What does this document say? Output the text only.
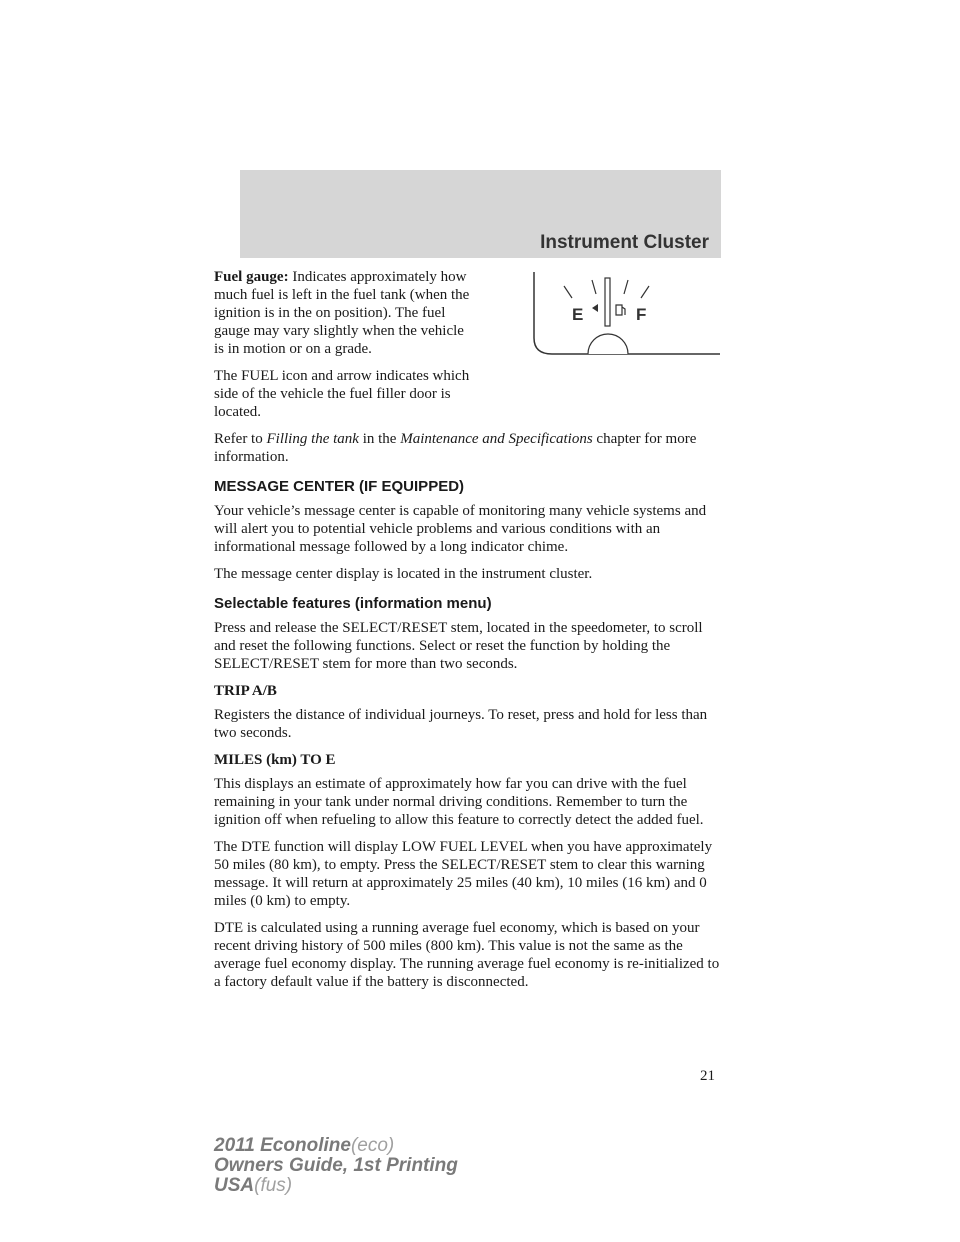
Instrument Cluster
E	F

Fuel gauge: Indicates approximately how much fuel is left in the fuel tank (when the ignition is in the on position). The fuel gauge may vary slightly when the vehicle is in motion or on a grade.

The FUEL icon and arrow indicates which side of the vehicle the fuel filler door is located.

Refer to Filling the tank in the Maintenance and Specifications chapter for more information.

MESSAGE CENTER (IF EQUIPPED)

Your vehicle’s message center is capable of monitoring many vehicle systems and will alert you to potential vehicle problems and various conditions with an informational message followed by a long indicator chime.

The message center display is located in the instrument cluster.

Selectable features (information menu)

Press and release the SELECT/RESET stem, located in the speedometer, to scroll and reset the following functions. Select or reset the function by holding the SELECT/RESET stem for more than two seconds.

TRIP A/B

Registers the distance of individual journeys. To reset, press and hold for less than two seconds.

MILES (km) TO E

This displays an estimate of approximately how far you can drive with the fuel remaining in your tank under normal driving conditions. Remember to turn the ignition off when refueling to allow this feature to correctly detect the added fuel.

The DTE function will display LOW FUEL LEVEL when you have approximately 50 miles (80 km), to empty. Press the SELECT/RESET stem to clear this warning message. It will return at approximately 25 miles (40 km), 10 miles (16 km) and 0 miles (0 km) to empty.

DTE is calculated using a running average fuel economy, which is based on your recent driving history of 500 miles (800 km). This value is not the same as the average fuel economy display. The running average fuel economy is re-initialized to a factory default value if the battery is disconnected.

21
2011 Econoline(eco)
Owners Guide, 1st Printing
USA(fus)
